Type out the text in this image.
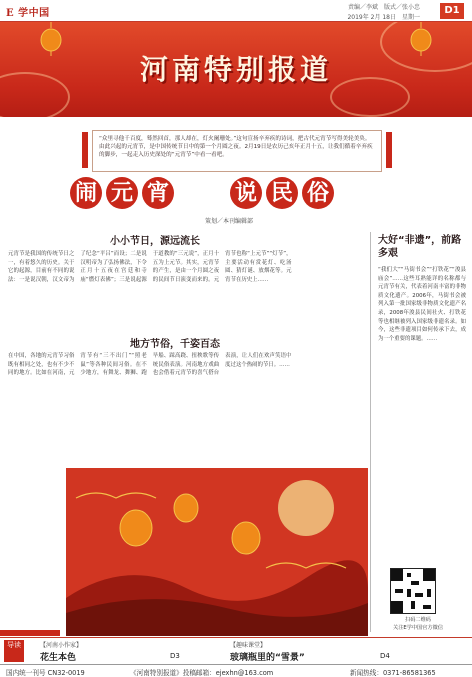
E 学中国
责编／李斌　版式／张小忠
2019年 2月 18日　星期一
D1
河南特别报道
“众里寻他千百度，蓦然回首，那人却在，灯火阑珊处。”这句宣扬辛弃疾的诗词，把古代元宵节写得美轮美奂。由此兴起的元宵节，是中国传统节日中的第一个月圆之夜。2月19日是农历己亥年正月十五，让我们循着辛弃疾的脚步，一起走入历史深处的“元宵节”中看一看吧。
闹 元 宵	说 民 俗
策划／本刊编辑部
小小节日，源远流长
元宵节是我国的传统节日之一，有着悠久的历史。关于它的起源，目前有不同的说法：一是说汉朝，汉文帝为了纪念“平吕”而设；二是说汉明帝为了弘扬佛法，下令正月十五夜在宫廷和寺庙“燃灯表佛”；三是说起源于道教的“三元说”，正月十五为上元节。其实，元宵节的产生，是由一个月圆之夜的民间节日演变而来的。元宵节也称“上元节”“灯节”，主要活动有赏花灯、吃汤圆、猜灯谜、放烟花等。元宵节在历史上……
地方节俗，千姿百态
在中国，各地的元宵节习俗既有相同之处，也有不少不同的地方。比如在河南，元宵节有“三不出门”“照老鼠”等各种民间习俗。在不少地方，有舞龙、舞狮、跑旱船、踩高跷、扭秧歌等传统民俗表演。河南地方戏曲也会借着元宵节的喜气搭台表演，让人们在欢声笑语中度过这个热闹的节日。……
大好“非遗”，前路多艰
“我们大”“马街书会”“打铁花”“浚县庙会”……这些耳熟能详的名称都与元宵节有关，代表着河南丰富的非物质文化遗产。2006年，马街书会被列入第一批国家级非物质文化遗产名录，2008年浚县民间社火、打铁花等也相继被列入国家级非遗名录。如今，这些非遗项目如何传承下去，成为一个重要的课题。……
扫码二维码
关注E学中国官方微信
导读	【河南小作家】
花生本色	D3
【趣味课堂】
玻璃瓶里的“雪景”	D4
国内统一刊号 CN32-0019	《河南特别报道》投稿邮箱：ejexhn@163.com	新闻热线：0371-86581365
